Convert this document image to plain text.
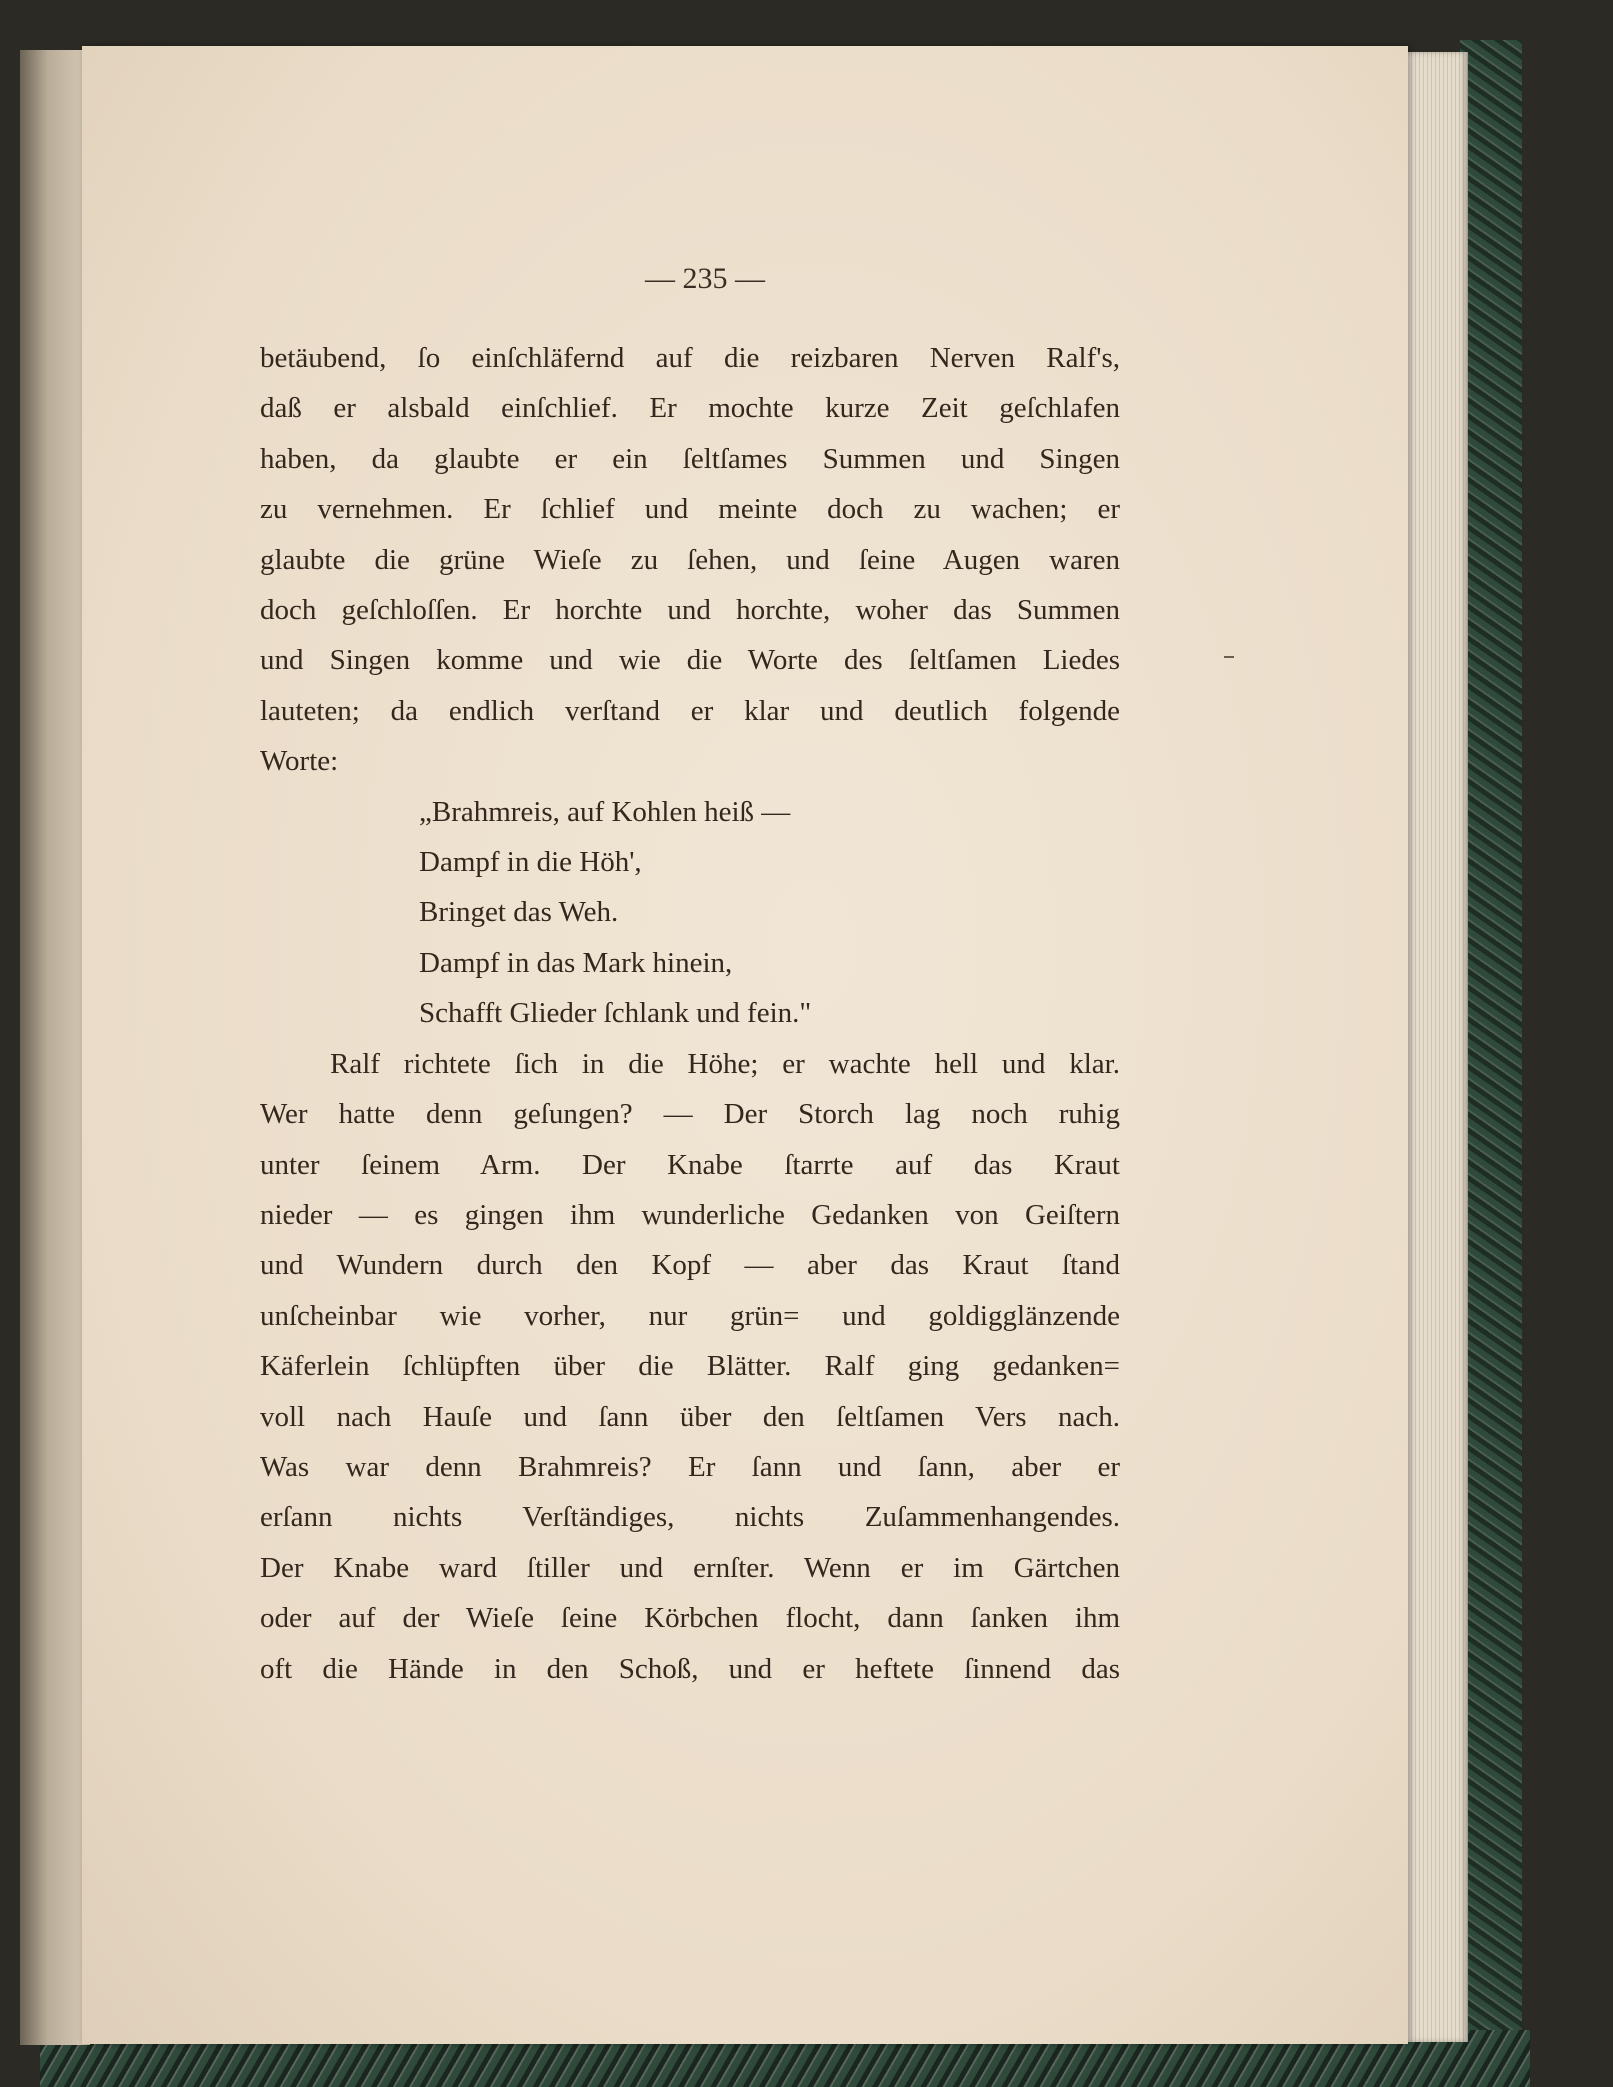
— 235 —
betäubend, ſo einſchläfernd auf die reizbaren Nerven Ralf's,
daß er alsbald einſchlief. Er mochte kurze Zeit geſchlafen
haben, da glaubte er ein ſeltſames Summen und Singen
zu vernehmen. Er ſchlief und meinte doch zu wachen; er
glaubte die grüne Wieſe zu ſehen, und ſeine Augen waren
doch geſchloſſen. Er horchte und horchte, woher das Summen
und Singen komme und wie die Worte des ſeltſamen Liedes
lauteten; da endlich verſtand er klar und deutlich folgende
Worte:
„Brahmreis, auf Kohlen heiß —
Dampf in die Höh',
Bringet das Weh.
Dampf in das Mark hinein,
Schafft Glieder ſchlank und fein."
Ralf richtete ſich in die Höhe; er wachte hell und klar.
Wer hatte denn geſungen? — Der Storch lag noch ruhig
unter ſeinem Arm. Der Knabe ſtarrte auf das Kraut
nieder — es gingen ihm wunderliche Gedanken von Geiſtern
und Wundern durch den Kopf — aber das Kraut ſtand
unſcheinbar wie vorher, nur grün= und goldigglänzende
Käferlein ſchlüpften über die Blätter. Ralf ging gedanken=
voll nach Hauſe und ſann über den ſeltſamen Vers nach.
Was war denn Brahmreis? Er ſann und ſann, aber er
erſann nichts Verſtändiges, nichts Zuſammenhangendes.
Der Knabe ward ſtiller und ernſter. Wenn er im Gärtchen
oder auf der Wieſe ſeine Körbchen flocht, dann ſanken ihm
oft die Hände in den Schoß, und er heftete ſinnend das
